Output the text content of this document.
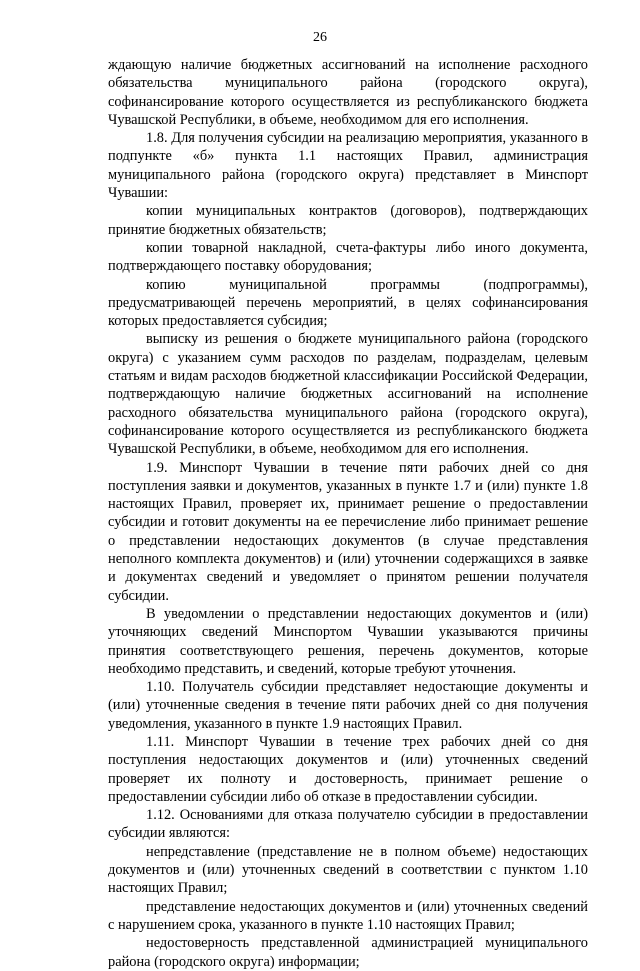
26

ждающую наличие бюджетных ассигнований на исполнение расходного обязательства муниципального района (городского округа), софинансирование которого осуществляется из республиканского бюджета Чувашской Республики, в объеме, необходимом для его исполнения.

1.8. Для получения субсидии на реализацию мероприятия, указанного в подпункте «б» пункта 1.1 настоящих Правил, администрация муниципального района (городского округа) представляет в Минспорт Чувашии:

копии муниципальных контрактов (договоров), подтверждающих принятие бюджетных обязательств;

копии товарной накладной, счета-фактуры либо иного документа, подтверждающего поставку оборудования;

копию муниципальной программы (подпрограммы), предусматривающей перечень мероприятий, в целях софинансирования которых предоставляется субсидия;

выписку из решения о бюджете муниципального района (городского округа) с указанием сумм расходов по разделам, подразделам, целевым статьям и видам расходов бюджетной классификации Российской Федерации, подтверждающую наличие бюджетных ассигнований на исполнение расходного обязательства муниципального района (городского округа), софинансирование которого осуществляется из республиканского бюджета Чувашской Республики, в объеме, необходимом для его исполнения.

1.9. Минспорт Чувашии в течение пяти рабочих дней со дня поступления заявки и документов, указанных в пункте 1.7 и (или) пункте 1.8 настоящих Правил, проверяет их, принимает решение о предоставлении субсидии и готовит документы на ее перечисление либо принимает решение о представлении недостающих документов (в случае представления неполного комплекта документов) и (или) уточнении содержащихся в заявке и документах сведений и уведомляет о принятом решении получателя субсидии.

В уведомлении о представлении недостающих документов и (или) уточняющих сведений Минспортом Чувашии указываются причины принятия соответствующего решения, перечень документов, которые необходимо представить, и сведений, которые требуют уточнения.

1.10. Получатель субсидии представляет недостающие документы и (или) уточненные сведения в течение пяти рабочих дней со дня получения уведомления, указанного в пункте 1.9 настоящих Правил.

1.11. Минспорт Чувашии в течение трех рабочих дней со дня поступления недостающих документов и (или) уточненных сведений проверяет их полноту и достоверность, принимает решение о предоставлении субсидии либо об отказе в предоставлении субсидии.

1.12. Основаниями для отказа получателю субсидии в предоставлении субсидии являются:

непредставление (представление не в полном объеме) недостающих документов и (или) уточненных сведений в соответствии с пунктом 1.10 настоящих Правил;

представление недостающих документов и (или) уточненных сведений с нарушением срока, указанного в пункте 1.10 настоящих Правил;

недостоверность представленной администрацией муниципального района (городского округа) информации;
